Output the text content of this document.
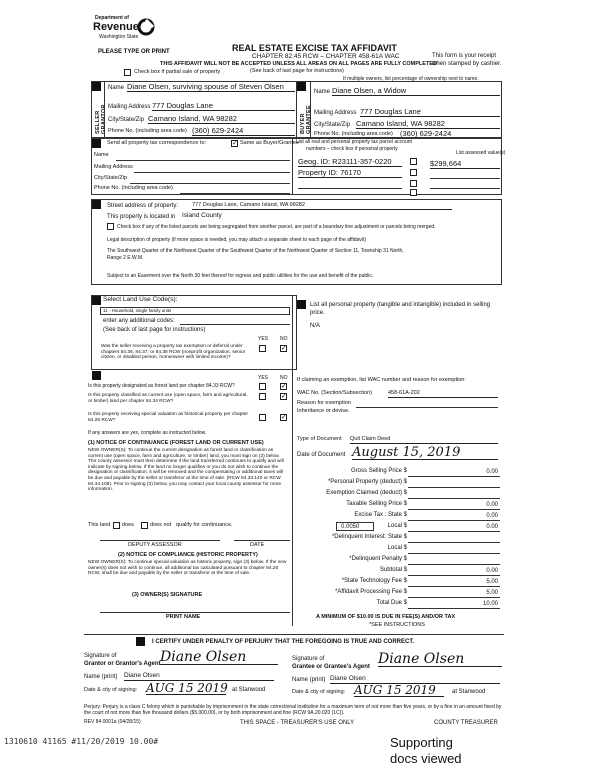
Department of
Revenue
Washington State
PLEASE TYPE OR PRINT	REAL ESTATE EXCISE TAX AFFIDAVIT
CHAPTER 82.45 RCW – CHAPTER 458-61A WAC
THIS AFFIDAVIT WILL NOT BE ACCEPTED UNLESS ALL AREAS ON ALL PAGES ARE FULLY COMPLETED
This form is your receipt
when stamped by cashier.
Check box if partial sale of property	(See back of last page for instructions)
If multiple owners, list percentage of ownership next to name.
SELLER GRANTOR
Name Diane Olsen, surviving spouse of Steven Olsen
Mailing Address 777 Douglas Lane
City/State/Zip Camano Island, WA 98282
Phone No. (including area code) (360) 629-2424	BUYER GRANTEE
Name Diane Olsen, a Widow
Mailing Address 777 Douglas Lane
City/State/Zip Camano Island, WA 98282
Phone No. (including area code) (360) 629-2424
Send all property tax correspondence to: ✓	Same as Buyer/Grantee
Name
Mailing Address
City/State/Zip
Phone No. (including area code)
List all real and personal property tax parcel account
numbers – check box if personal property
List assessed value(s)
Geog. ID: R23111-357-0220	$299,664
Property ID: 76170
Street address of property:	777 Douglas Lane, Camano Island, WA 98282
This property is located in Island County
Check box if any of the listed parcels are being segregated from another parcel, are part of a boundary line adjustment or parcels being merged.
Legal description of property (if more space is needed, you may attach a separate sheet to each page of the affidavit)
The Southwest Quarter of the Northwest Quarter of the Southwest Quarter of the Northwest Quarter of Section 11, Township 31 North,
Range 2 E.W.M.
Subject to an Easement over the North 30 feet thereof for ingress and public utilities for the use and benefit of the public.
Select Land Use Code(s):
11 - Household, single family units
enter any additional codes:
(See back of last page for instructions)
YES NO
Was the seller receiving a property tax exemption or deferral under chapters 84.36, 84.37, or 84.38 RCW (nonprofit organization, senior citizen, or disabled person, homeowner with limited income)?
✓
List all personal property (tangible and intangible) included in selling price.
N/A
YES NO
Is this property designated as forest land per chapter 84.33 RCW?
✓
Is this property classified as current use (open space, farm and agricultural, or timber) land per chapter 84.34 RCW?
✓
Is this property receiving special valuation as historical property per chapter 84.26 RCW?
✓
If any answers are yes, complete as instructed below.
(1) NOTICE OF CONTINUANCE (FOREST LAND OR CURRENT USE)
NEW OWNER(S): To continue the current designation as forest land or classification as current use (open space, farm and agriculture, or timber) land, you must sign on (3) below. The county assessor must then determine if the land transferred continues to qualify and will indicate by signing below. If the land no longer qualifies or you do not wish to continue the designation or classification, it will be removed and the compensating or additional taxes will be due and payable by the seller or transferor at the time of sale. (RCW 84.33.140 or RCW 84.34.108). Prior to signing (3) below, you may contact your local county assessor for more information.
This land does	does not qualify for continuance.
DEPUTY ASSESSOR	DATE
(2) NOTICE OF COMPLIANCE (HISTORIC PROPERTY)
NEW OWNER(S): To continue special valuation as historic property, sign (3) below. If the new owner(s) does not wish to continue, all additional tax calculated pursuant to chapter 84.26 RCW, shall be due and payable by the seller or transferor at the time of sale.
(3) OWNER(S) SIGNATURE
PRINT NAME
If claiming an exemption, list WAC number and reason for exemption:
WAC No. (Section/Subsection)	458-61A-202
Reason for exemption
Inheritance or devise.
Type of Document Quit Claim Deed
Date of Document August 15, 2019
Gross Selling Price $	0.00
*Personal Property (deduct) $
Exemption Claimed (deduct) $
Taxable Selling Price $	0.00
Excise Tax : State $	0.00
0.0050	Local $	0.00
*Delinquent Interest: State $
Local $
*Delinquent Penalty $
Subtotal $	0.00
*State Technology Fee $	5.00
*Affidavit Processing Fee $	5.00
Total Due $	10.00
A MINIMUM OF $10.00 IS DUE IN FEE(S) AND/OR TAX
*SEE INSTRUCTIONS
I CERTIFY UNDER PENALTY OF PERJURY THAT THE FOREGOING IS TRUE AND CORRECT.
Signature of
Grantor or Grantor's Agent Diane Olsen	Signature of
Grantee or Grantee's Agent Diane Olsen
Name (print) Diane Olsen
Name (print) Diane Olsen
Date & city of signing: AUG 15 2019 at Stanwood	Date & city of signing: AUG 15 2019	at Stanwood
Perjury: Perjury is a class C felony which is punishable by imprisonment in the state correctional institution for a maximum term of not more than five years, or by a fine in an amount fixed by the court of not more than five thousand dollars ($5,000.00), or by both imprisonment and fine (RCW 9A.20.020 (1C)).
REV 84 0001a (04/28/15)	THIS SPACE - TREASURER'S USE ONLY	COUNTY TREASURER
1310610 41165 #11/20/2019 10.00#	Supporting
docs viewed
